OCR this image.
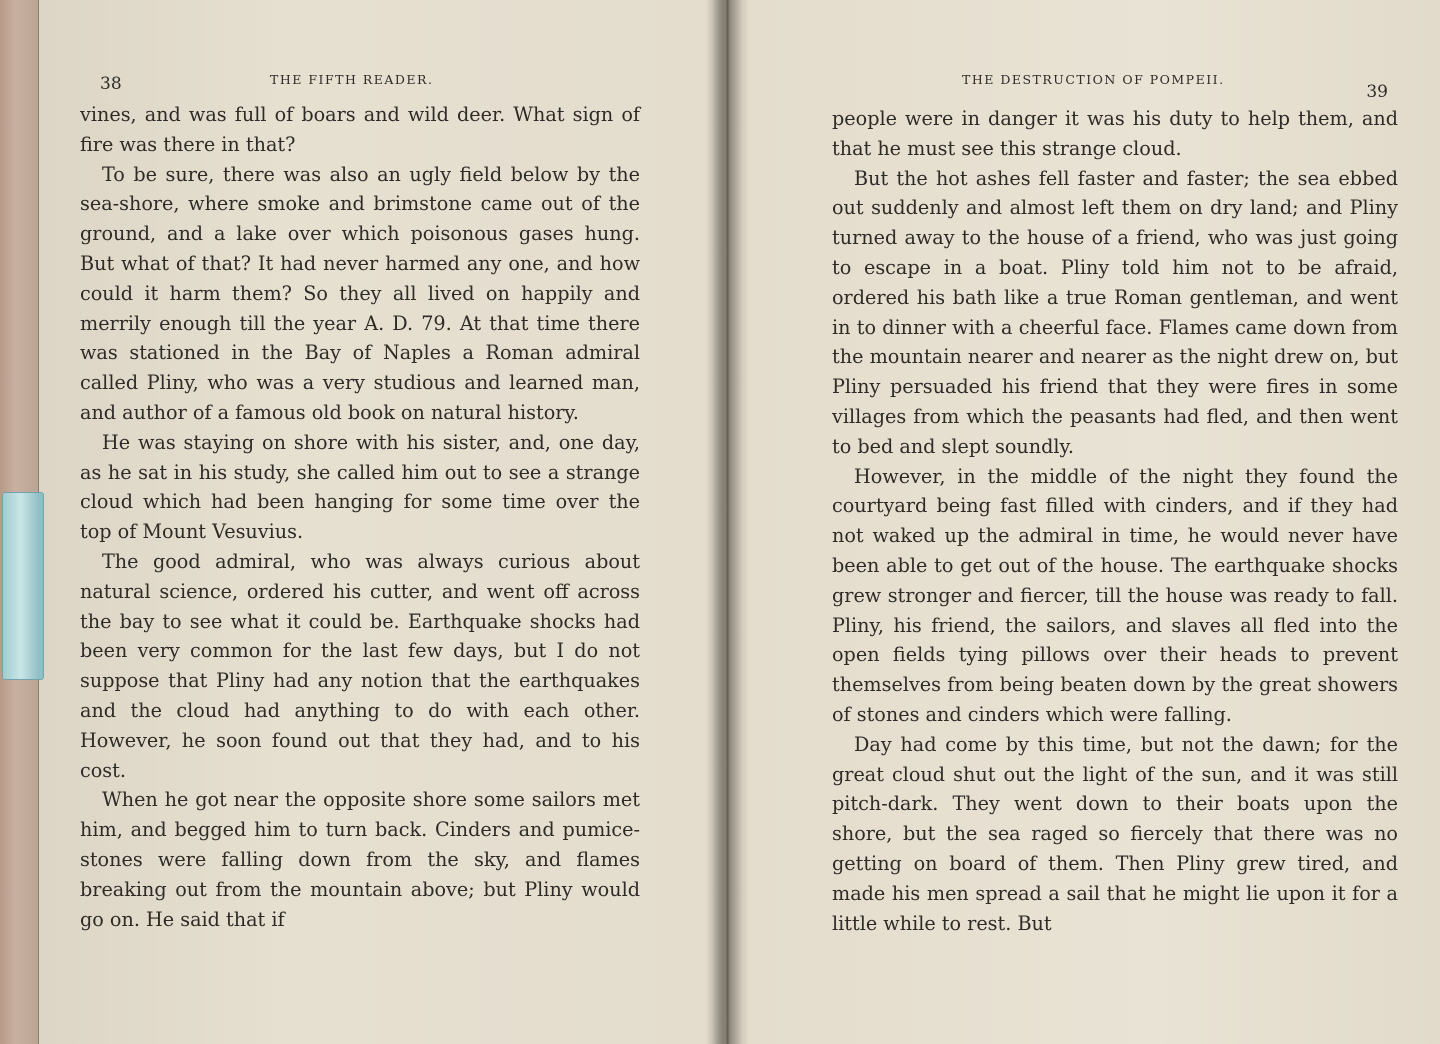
38	THE FIFTH READER.

vines, and was full of boars and wild deer. What sign of fire was there in that?

To be sure, there was also an ugly field below by the sea-shore, where smoke and brimstone came out of the ground, and a lake over which poisonous gases hung. But what of that? It had never harmed any one, and how could it harm them? So they all lived on happily and merrily enough till the year A. D. 79. At that time there was stationed in the Bay of Naples a Roman admiral called Pliny, who was a very studious and learned man, and author of a famous old book on natural history.

He was staying on shore with his sister, and, one day, as he sat in his study, she called him out to see a strange cloud which had been hanging for some time over the top of Mount Vesuvius.

The good admiral, who was always curious about natural science, ordered his cutter, and went off across the bay to see what it could be. Earthquake shocks had been very common for the last few days, but I do not suppose that Pliny had any notion that the earthquakes and the cloud had anything to do with each other. However, he soon found out that they had, and to his cost.

When he got near the opposite shore some sailors met him, and begged him to turn back. Cinders and pumice-stones were falling down from the sky, and flames breaking out from the mountain above; but Pliny would go on. He said that if

THE DESTRUCTION OF POMPEII.
39

people were in danger it was his duty to help them, and that he must see this strange cloud.

But the hot ashes fell faster and faster; the sea ebbed out suddenly and almost left them on dry land; and Pliny turned away to the house of a friend, who was just going to escape in a boat. Pliny told him not to be afraid, ordered his bath like a true Roman gentleman, and went in to dinner with a cheerful face. Flames came down from the mountain nearer and nearer as the night drew on, but Pliny persuaded his friend that they were fires in some villages from which the peasants had fled, and then went to bed and slept soundly.

However, in the middle of the night they found the courtyard being fast filled with cinders, and if they had not waked up the admiral in time, he would never have been able to get out of the house. The earthquake shocks grew stronger and fiercer, till the house was ready to fall. Pliny, his friend, the sailors, and slaves all fled into the open fields tying pillows over their heads to prevent themselves from being beaten down by the great showers of stones and cinders which were falling.

Day had come by this time, but not the dawn; for the great cloud shut out the light of the sun, and it was still pitch-dark. They went down to their boats upon the shore, but the sea raged so fiercely that there was no getting on board of them. Then Pliny grew tired, and made his men spread a sail that he might lie upon it for a little while to rest. But
